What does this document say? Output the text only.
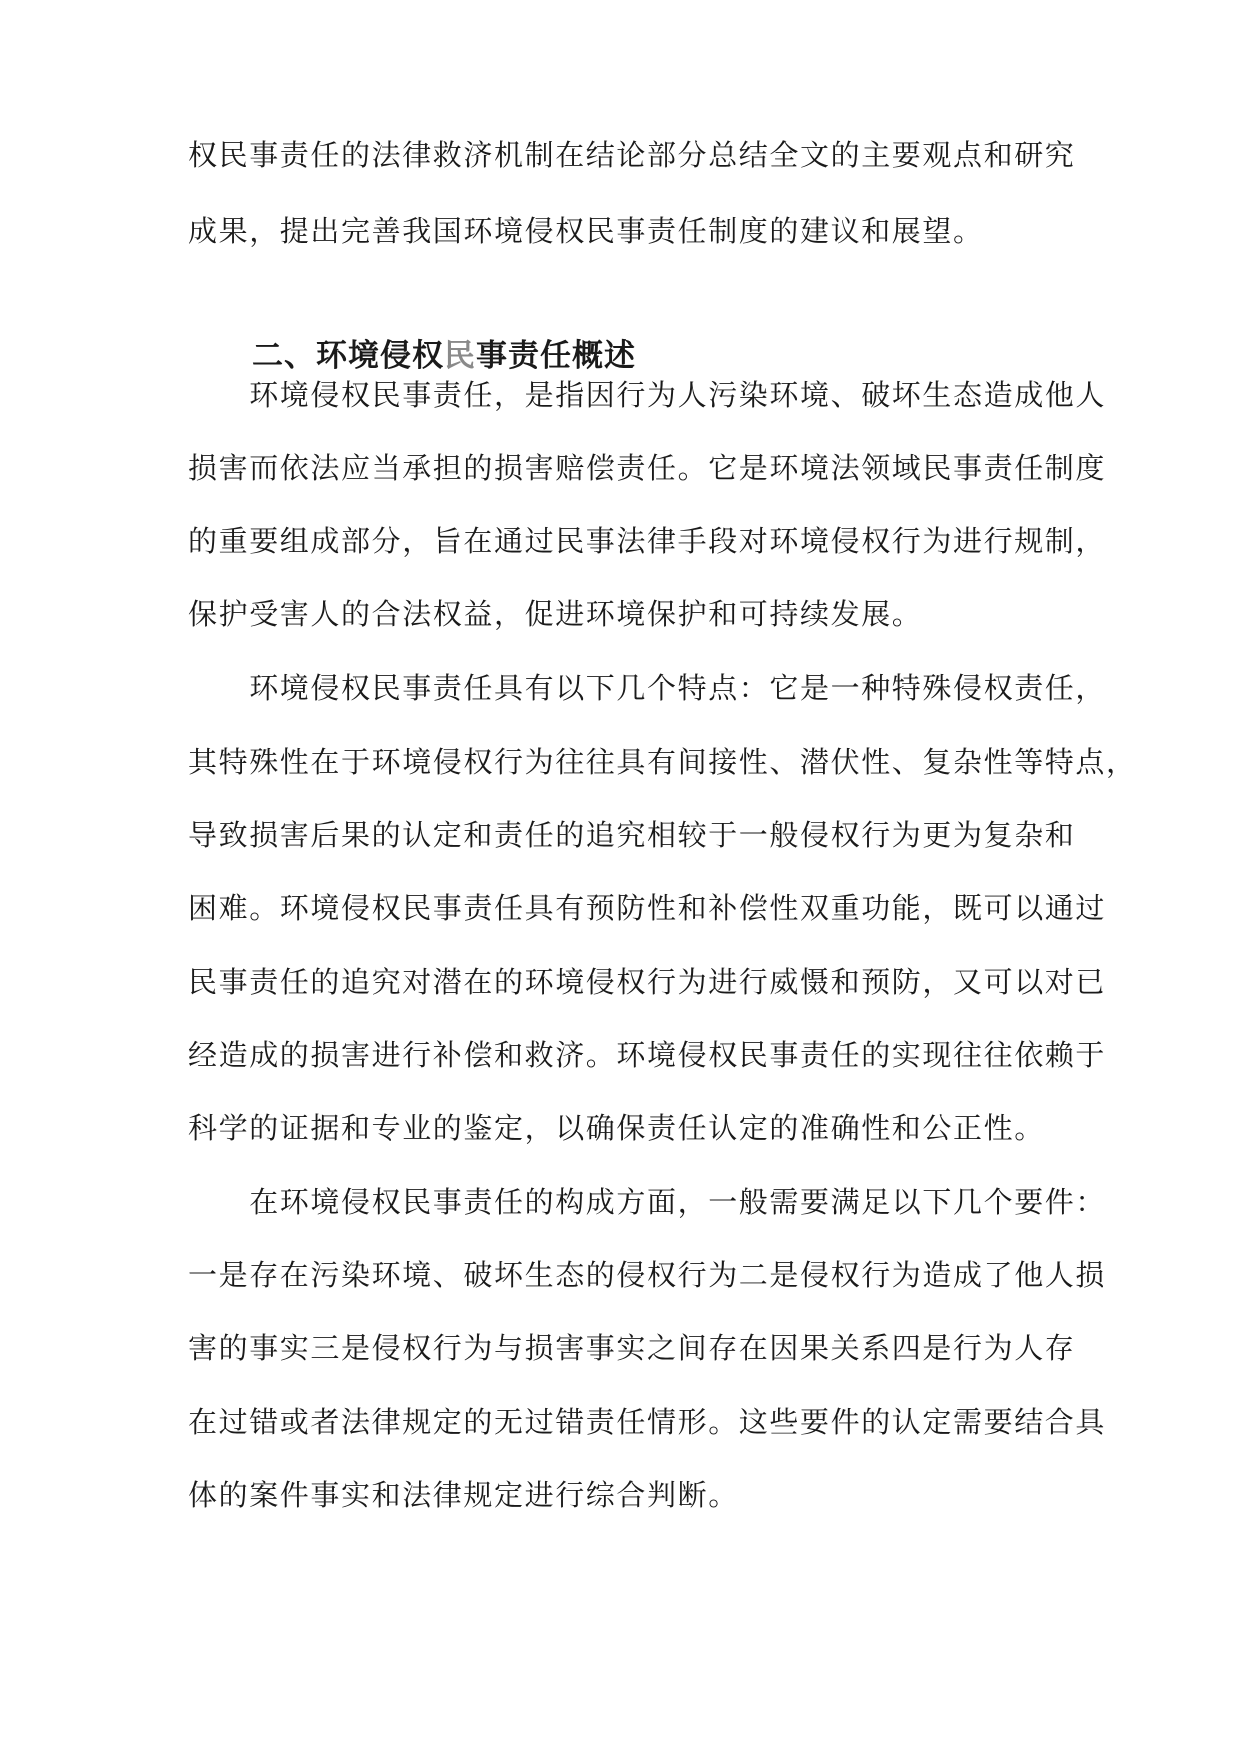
权民事责任的法律救济机制在结论部分总结全文的主要观点和研究
成果，提出完善我国环境侵权民事责任制度的建议和展望。
二、环境侵权民事责任概述
　　环境侵权民事责任，是指因行为人污染环境、破坏生态造成他人
损害而依法应当承担的损害赔偿责任。它是环境法领域民事责任制度
的重要组成部分，旨在通过民事法律手段对环境侵权行为进行规制，
保护受害人的合法权益，促进环境保护和可持续发展。
　　环境侵权民事责任具有以下几个特点：它是一种特殊侵权责任，
其特殊性在于环境侵权行为往往具有间接性、潜伏性、复杂性等特点，
导致损害后果的认定和责任的追究相较于一般侵权行为更为复杂和
困难。环境侵权民事责任具有预防性和补偿性双重功能，既可以通过
民事责任的追究对潜在的环境侵权行为进行威慑和预防，又可以对已
经造成的损害进行补偿和救济。环境侵权民事责任的实现往往依赖于
科学的证据和专业的鉴定，以确保责任认定的准确性和公正性。
　　在环境侵权民事责任的构成方面，一般需要满足以下几个要件：
一是存在污染环境、破坏生态的侵权行为二是侵权行为造成了他人损
害的事实三是侵权行为与损害事实之间存在因果关系四是行为人存
在过错或者法律规定的无过错责任情形。这些要件的认定需要结合具
体的案件事实和法律规定进行综合判断。
